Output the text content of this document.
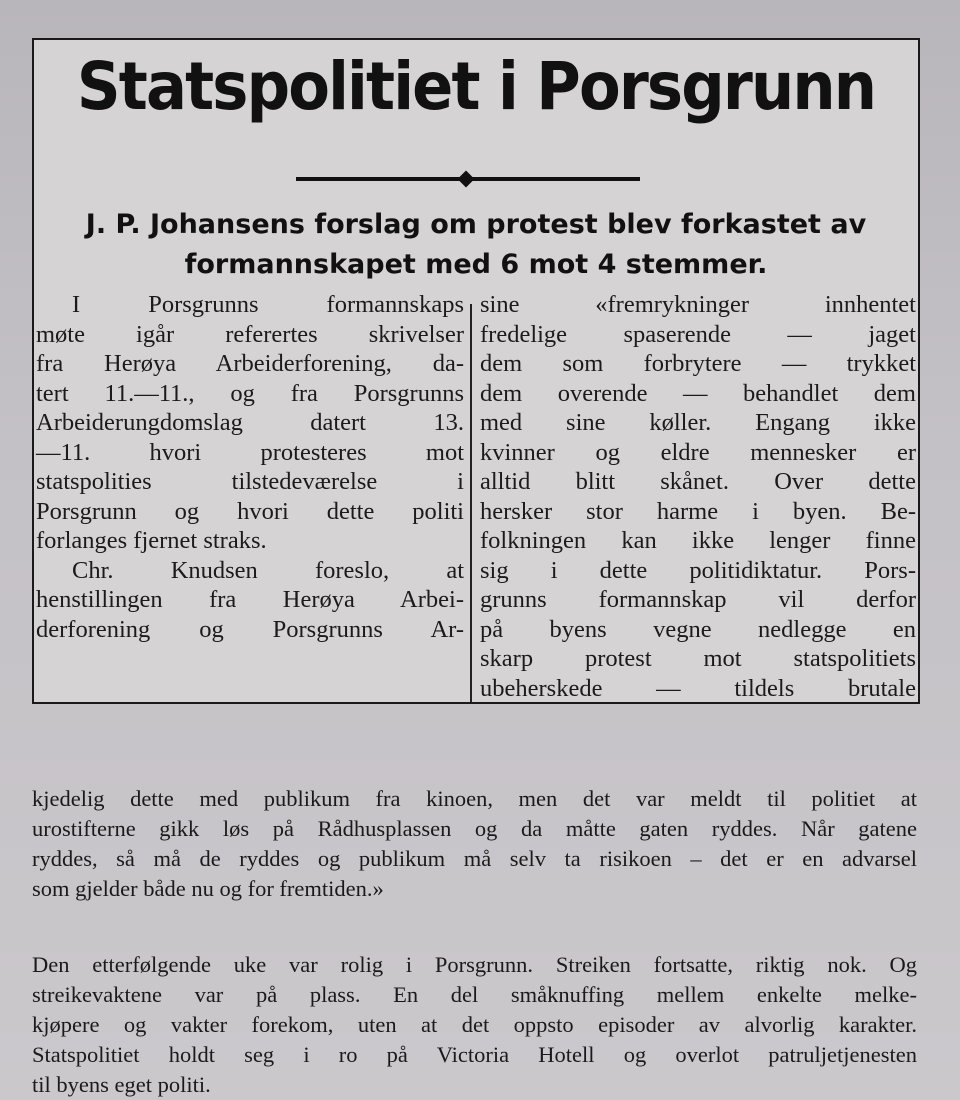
Statspolitiet i Porsgrunn
J. P. Johansens forslag om protest blev forkastet av
formannskapet med 6 mot 4 stemmer.

I Porsgrunns formannskaps

møte igår referertes skrivelser

fra Herøya Arbeiderforening, da-

tert 11.—11., og fra Porsgrunns

Arbeiderungdomslag datert 13.

—11. hvori protesteres mot

statspolities tilstedeværelse i

Porsgrunn og hvori dette politi

forlanges fjernet straks.

Chr. Knudsen foreslo, at

henstillingen fra Herøya Arbei-

derforening og Porsgrunns Ar-

sine «fremrykninger innhentet

fredelige spaserende — jaget

dem som forbrytere — trykket

dem overende — behandlet dem

med sine køller. Engang ikke

kvinner og eldre mennesker er

alltid blitt skånet. Over dette

hersker stor harme i byen. Be-

folkningen kan ikke lenger finne

sig i dette politidiktatur. Pors-

grunns formannskap vil derfor

på byens vegne nedlegge en

skarp protest mot statspolitiets

ubeherskede — tildels brutale

kjedelig dette med publikum fra kinoen, men det var meldt til politiet at

urostifterne gikk løs på Rådhusplassen og da måtte gaten ryddes. Når gatene

ryddes, så må de ryddes og publikum må selv ta risikoen – det er en advarsel

som gjelder både nu og for fremtiden.»

Den etterfølgende uke var rolig i Porsgrunn. Streiken fortsatte, riktig nok. Og

streikevaktene var på plass. En del småknuffing mellem enkelte melke-

kjøpere og vakter forekom, uten at det oppsto episoder av alvorlig karakter.

Statspolitiet holdt seg i ro på Victoria Hotell og overlot patruljetjenesten

til byens eget politi.
